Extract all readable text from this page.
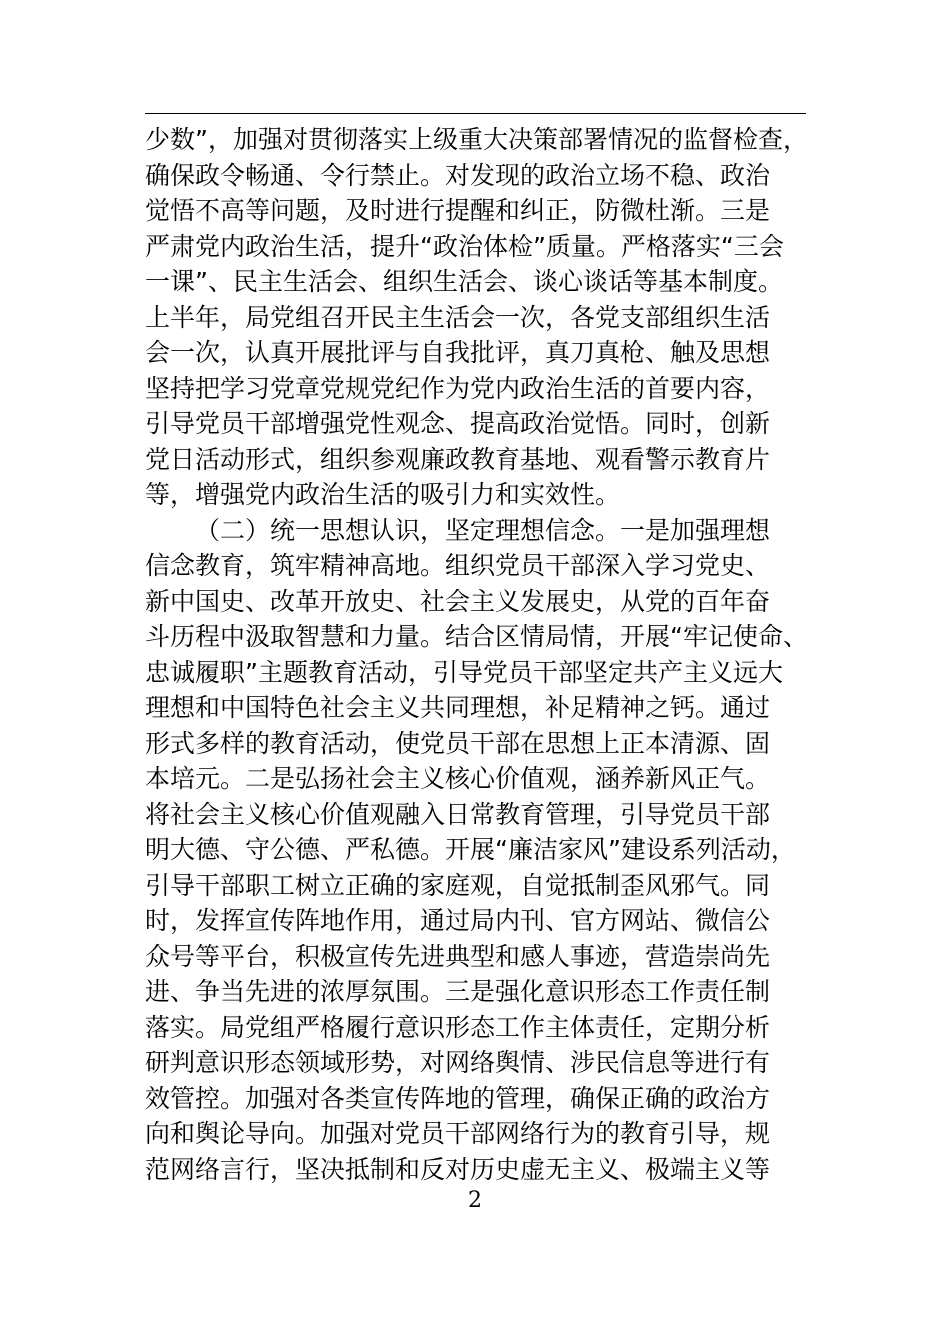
少数”，加强对贯彻落实上级重大决策部署情况的监督检查，
确保政令畅通、令行禁止。对发现的政治立场不稳、政治
觉悟不高等问题，及时进行提醒和纠正，防微杜渐。三是
严肃党内政治生活，提升“政治体检”质量。严格落实“三会
一课”、民主生活会、组织生活会、谈心谈话等基本制度。
上半年，局党组召开民主生活会一次，各党支部组织生活
会一次，认真开展批评与自我批评，真刀真枪、触及思想
坚持把学习党章党规党纪作为党内政治生活的首要内容，
引导党员干部增强党性观念、提高政治觉悟。同时，创新
党日活动形式，组织参观廉政教育基地、观看警示教育片
等，增强党内政治生活的吸引力和实效性。
（二）统一思想认识，坚定理想信念。一是加强理想
信念教育，筑牢精神高地。组织党员干部深入学习党史、
新中国史、改革开放史、社会主义发展史，从党的百年奋
斗历程中汲取智慧和力量。结合区情局情，开展“牢记使命、
忠诚履职”主题教育活动，引导党员干部坚定共产主义远大
理想和中国特色社会主义共同理想，补足精神之钙。通过
形式多样的教育活动，使党员干部在思想上正本清源、固
本培元。二是弘扬社会主义核心价值观，涵养新风正气。
将社会主义核心价值观融入日常教育管理，引导党员干部
明大德、守公德、严私德。开展“廉洁家风”建设系列活动，
引导干部职工树立正确的家庭观，自觉抵制歪风邪气。同
时，发挥宣传阵地作用，通过局内刊、官方网站、微信公
众号等平台，积极宣传先进典型和感人事迹，营造崇尚先
进、争当先进的浓厚氛围。三是强化意识形态工作责任制
落实。局党组严格履行意识形态工作主体责任，定期分析
研判意识形态领域形势，对网络舆情、涉民信息等进行有
效管控。加强对各类宣传阵地的管理，确保正确的政治方
向和舆论导向。加强对党员干部网络行为的教育引导，规
范网络言行，坚决抵制和反对历史虚无主义、极端主义等
2
